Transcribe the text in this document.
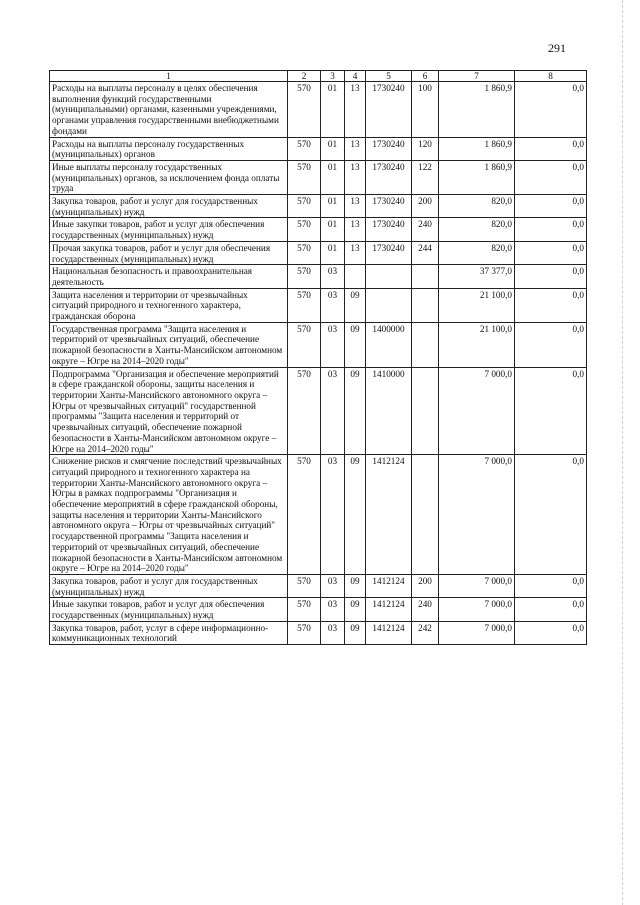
291
1	2	3	4	5	6	7	8
Расходы на выплаты персоналу в целях обеспечения выполнения функций государственными (муниципальными) органами, казенными учреждениями, органами управления государственными внебюджетными фондами	570	01	13	1730240	100	1 860,9	0,0
Расходы на выплаты персоналу государственных (муниципальных) органов	570	01	13	1730240	120	1 860,9	0,0
Иные выплаты персоналу государственных (муниципальных) органов, за исключением фонда оплаты труда	570	01	13	1730240	122	1 860,9	0,0
Закупка товаров, работ и услуг для государственных (муниципальных) нужд	570	01	13	1730240	200	820,0	0,0
Иные закупки товаров, работ и услуг для обеспечения государственных (муниципальных) нужд	570	01	13	1730240	240	820,0	0,0
Прочая закупка товаров, работ и услуг для обеспечения государственных (муниципальных) нужд	570	01	13	1730240	244	820,0	0,0
Национальная безопасность и правоохранительная деятельность	570	03				37 377,0	0,0
Защита населения и территории от чрезвычайных ситуаций природного и техногенного характера, гражданская оборона	570	03	09			21 100,0	0,0
Государственная программа "Защита населения и территорий от чрезвычайных ситуаций, обеспечение пожарной безопасности в Ханты-Мансийском автономном округе – Югре на 2014–2020 годы"	570	03	09	1400000		21 100,0	0,0
Подпрограмма "Организация и обеспечение мероприятий в сфере гражданской обороны, защиты населения и территории Ханты-Мансийского автономного округа – Югры от чрезвычайных ситуаций" государственной программы "Защита населения и территорий от чрезвычайных ситуаций, обеспечение пожарной безопасности в Ханты-Мансийском автономном округе – Югре на 2014–2020 годы"	570	03	09	1410000		7 000,0	0,0
Снижение рисков и смягчение последствий чрезвычайных ситуаций природного и техногенного характера на территории Ханты-Мансийского автономного округа – Югры в рамках подпрограммы "Организация и обеспечение мероприятий в сфере гражданской обороны, защиты населения и территории Ханты-Мансийского автономного округа – Югры от чрезвычайных ситуаций" государственной программы "Защита населения и территорий от чрезвычайных ситуаций, обеспечение пожарной безопасности в Ханты-Мансийском автономном округе – Югре на 2014–2020 годы"	570	03	09	1412124		7 000,0	0,0
Закупка товаров, работ и услуг для государственных (муниципальных) нужд	570	03	09	1412124	200	7 000,0	0,0
Иные закупки товаров, работ и услуг для обеспечения государственных (муниципальных) нужд	570	03	09	1412124	240	7 000,0	0,0
Закупка товаров, работ, услуг в сфере информационно-коммуникационных технологий	570	03	09	1412124	242	7 000,0	0,0
